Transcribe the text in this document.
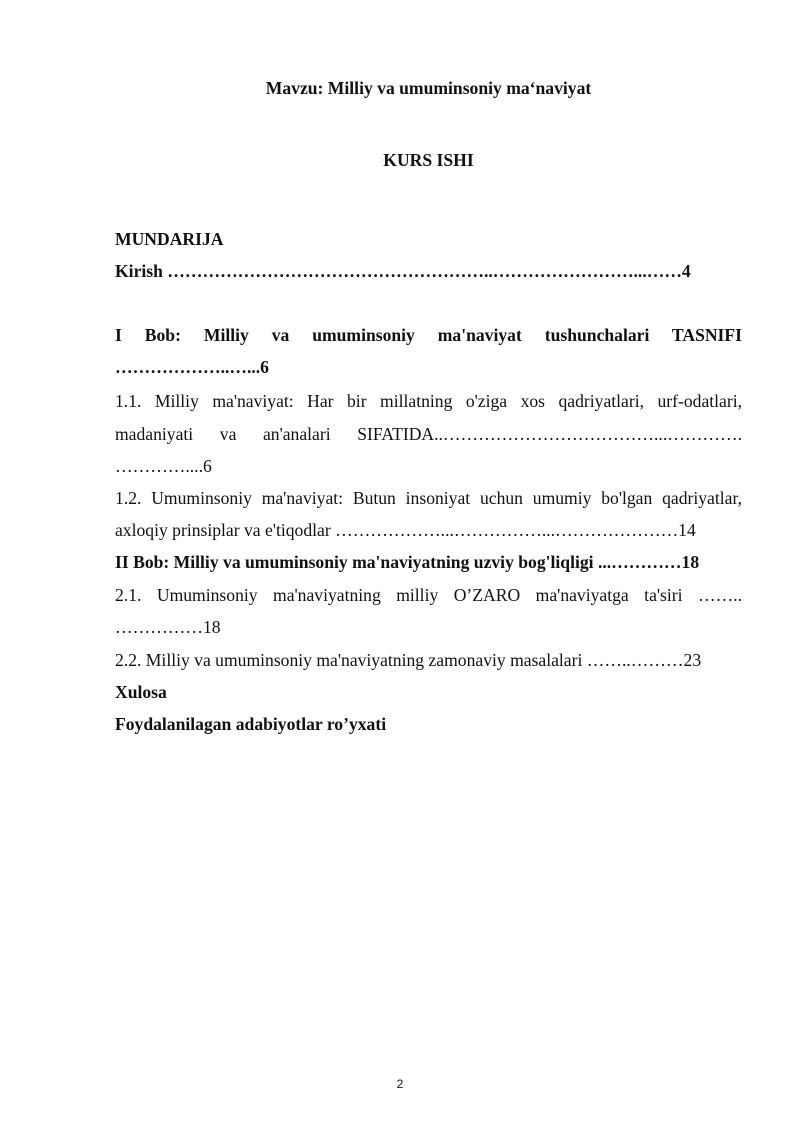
Mavzu: Milliy va umuminsoniy ma‘naviyat
KURS ISHI
MUNDARIJA
Kirish ………………………………………………..……………………...……4
I Bob: Milliy va umuminsoniy ma'naviyat tushunchalari TASNIFI
………………..…...6
1.1. Milliy ma'naviyat: Har bir millatning o'ziga xos qadriyatlari, urf-odatlari,
madaniyati va an'analari SIFATIDA..………………………………...………….
…………....6
1.2. Umuminsoniy ma'naviyat: Butun insoniyat uchun umumiy bo'lgan qadriyatlar,
axloqiy prinsiplar va e'tiqodlar ………………...……………...…………………14
II Bob: Milliy va umuminsoniy ma'naviyatning uzviy bog'liqligi ...…………18
2.1. Umuminsoniy ma'naviyatning milliy O’ZARO ma'naviyatga ta'siri ……..
……………18
2.2. Milliy va umuminsoniy ma'naviyatning zamonaviy masalalari ……..………23
Xulosa
Foydalanilagan adabiyotlar ro’yxati
2
